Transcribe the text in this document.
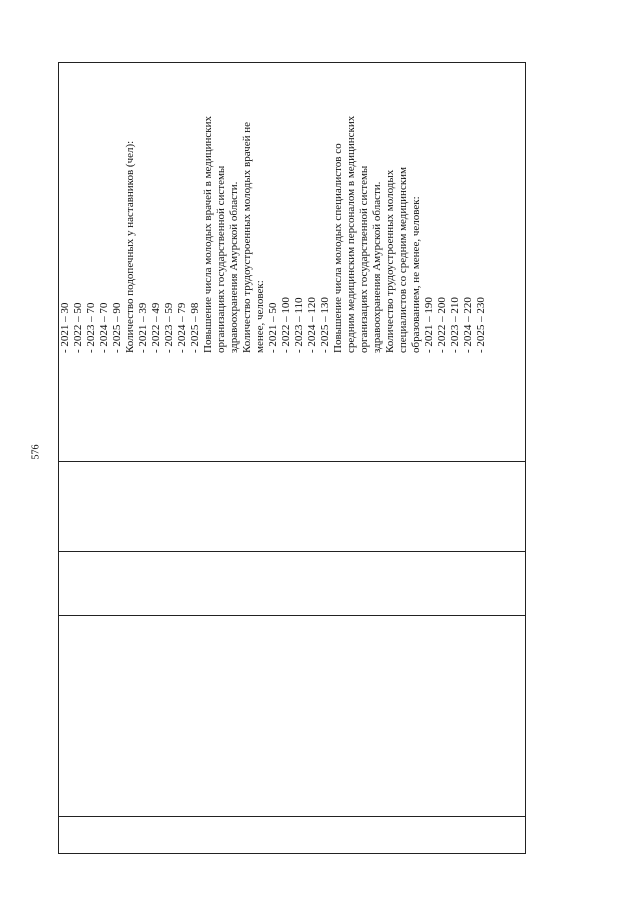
576
- 2021 – 30 - 2022 – 50 - 2023 – 70 - 2024 – 70 - 2025 – 90 Количество подопечных у наставников (чел): - 2021 – 39 - 2022 – 49 - 2023 – 59 - 2024 – 79 - 2025 – 98 Повышение числа молодых врачей в медицинских организациях государственной системы здравоохранения Амурской области. Количество трудоустроенных молодых врачей не менее, человек: - 2021 – 50 - 2022 – 100 - 2023 – 110 - 2024 – 120 - 2025 – 130 Повышение числа молодых специалистов со средним медицинским персоналом в медицинских организациях государственной системы здравоохранения Амурской области. Количество трудоустроенных молодых специалистов со средним медицинским образованием, не менее, человек: - 2021 – 190 - 2022 – 200 - 2023 – 210 - 2024 – 220 - 2025 – 230
